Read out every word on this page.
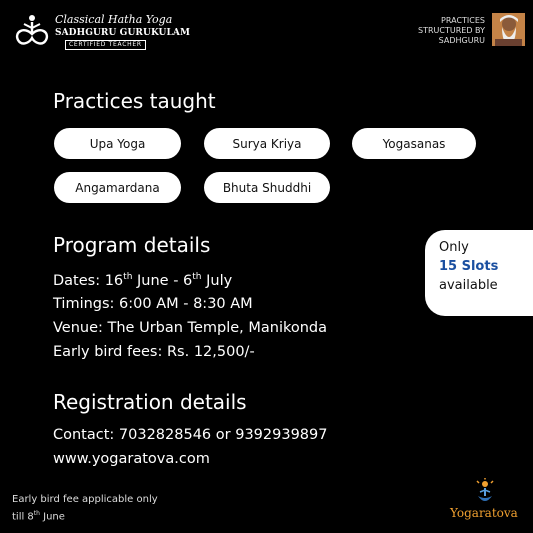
Classical Hatha Yoga
SADHGURU GURUKULAM
CERTIFIED TEACHER
PRACTICES
STRUCTURED BY
SADHGURU
Practices taught
Upa Yoga	Surya Kriya	Yogasanas
Angamardana	Bhuta Shuddhi
Program details
Dates: 16th June - 6th July
Timings: 6:00 AM - 8:30 AM
Venue: The Urban Temple, Manikonda
Early bird fees: Rs. 12,500/-
Only
15 Slots
available
Registration details
Contact: 7032828546 or 9392939897
www.yogaratova.com
Early bird fee applicable only
till 8th June	Yogaratova
